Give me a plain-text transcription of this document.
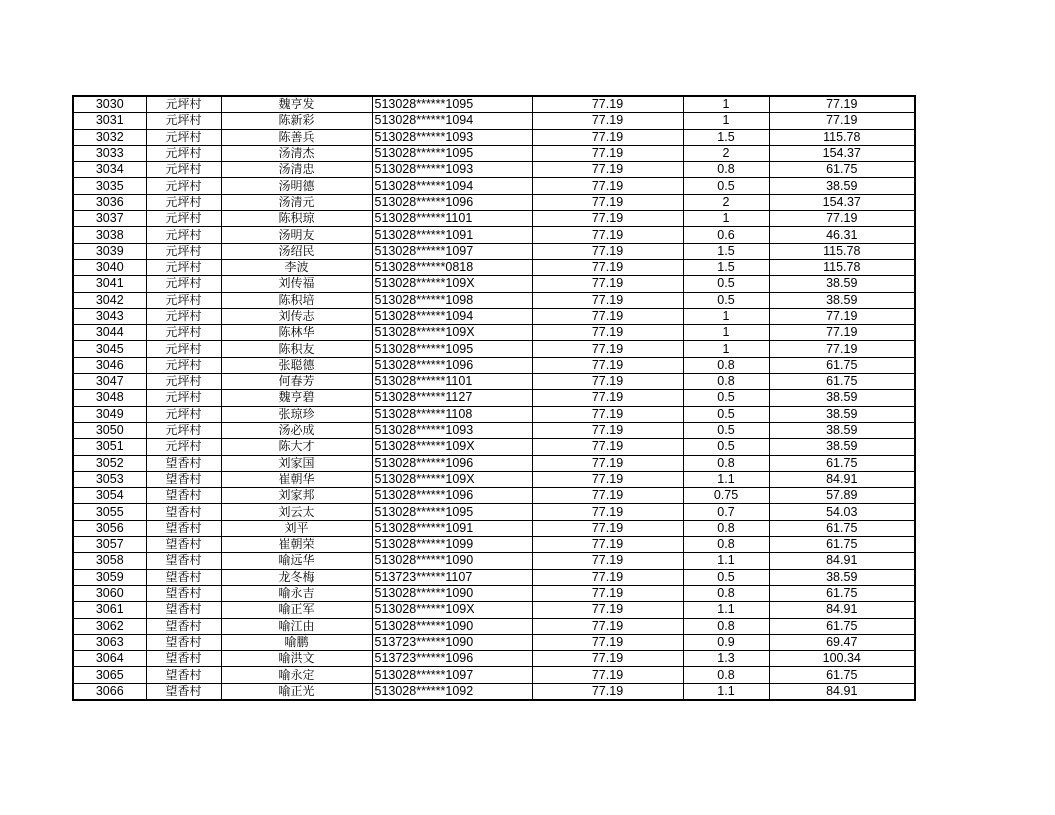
3030	元坪村	魏亨发	513028******1095	77.19	1	77.19
3031	元坪村	陈新彩	513028******1094	77.19	1	77.19
3032	元坪村	陈善兵	513028******1093	77.19	1.5	115.78
3033	元坪村	汤清杰	513028******1095	77.19	2	154.37
3034	元坪村	汤清忠	513028******1093	77.19	0.8	61.75
3035	元坪村	汤明德	513028******1094	77.19	0.5	38.59
3036	元坪村	汤清元	513028******1096	77.19	2	154.37
3037	元坪村	陈积琼	513028******1101	77.19	1	77.19
3038	元坪村	汤明友	513028******1091	77.19	0.6	46.31
3039	元坪村	汤绍民	513028******1097	77.19	1.5	115.78
3040	元坪村	李波	513028******0818	77.19	1.5	115.78
3041	元坪村	刘传福	513028******109X	77.19	0.5	38.59
3042	元坪村	陈积培	513028******1098	77.19	0.5	38.59
3043	元坪村	刘传志	513028******1094	77.19	1	77.19
3044	元坪村	陈林华	513028******109X	77.19	1	77.19
3045	元坪村	陈积友	513028******1095	77.19	1	77.19
3046	元坪村	张聪德	513028******1096	77.19	0.8	61.75
3047	元坪村	何春芳	513028******1101	77.19	0.8	61.75
3048	元坪村	魏亨碧	513028******1127	77.19	0.5	38.59
3049	元坪村	张琼珍	513028******1108	77.19	0.5	38.59
3050	元坪村	汤必成	513028******1093	77.19	0.5	38.59
3051	元坪村	陈大才	513028******109X	77.19	0.5	38.59
3052	望香村	刘家国	513028******1096	77.19	0.8	61.75
3053	望香村	崔朝华	513028******109X	77.19	1.1	84.91
3054	望香村	刘家邦	513028******1096	77.19	0.75	57.89
3055	望香村	刘云太	513028******1095	77.19	0.7	54.03
3056	望香村	刘平	513028******1091	77.19	0.8	61.75
3057	望香村	崔朝荣	513028******1099	77.19	0.8	61.75
3058	望香村	喻远华	513028******1090	77.19	1.1	84.91
3059	望香村	龙冬梅	513723******1107	77.19	0.5	38.59
3060	望香村	喻永吉	513028******1090	77.19	0.8	61.75
3061	望香村	喻正军	513028******109X	77.19	1.1	84.91
3062	望香村	喻江由	513028******1090	77.19	0.8	61.75
3063	望香村	喻鹏	513723******1090	77.19	0.9	69.47
3064	望香村	喻洪文	513723******1096	77.19	1.3	100.34
3065	望香村	喻永定	513028******1097	77.19	0.8	61.75
3066	望香村	喻正光	513028******1092	77.19	1.1	84.91
